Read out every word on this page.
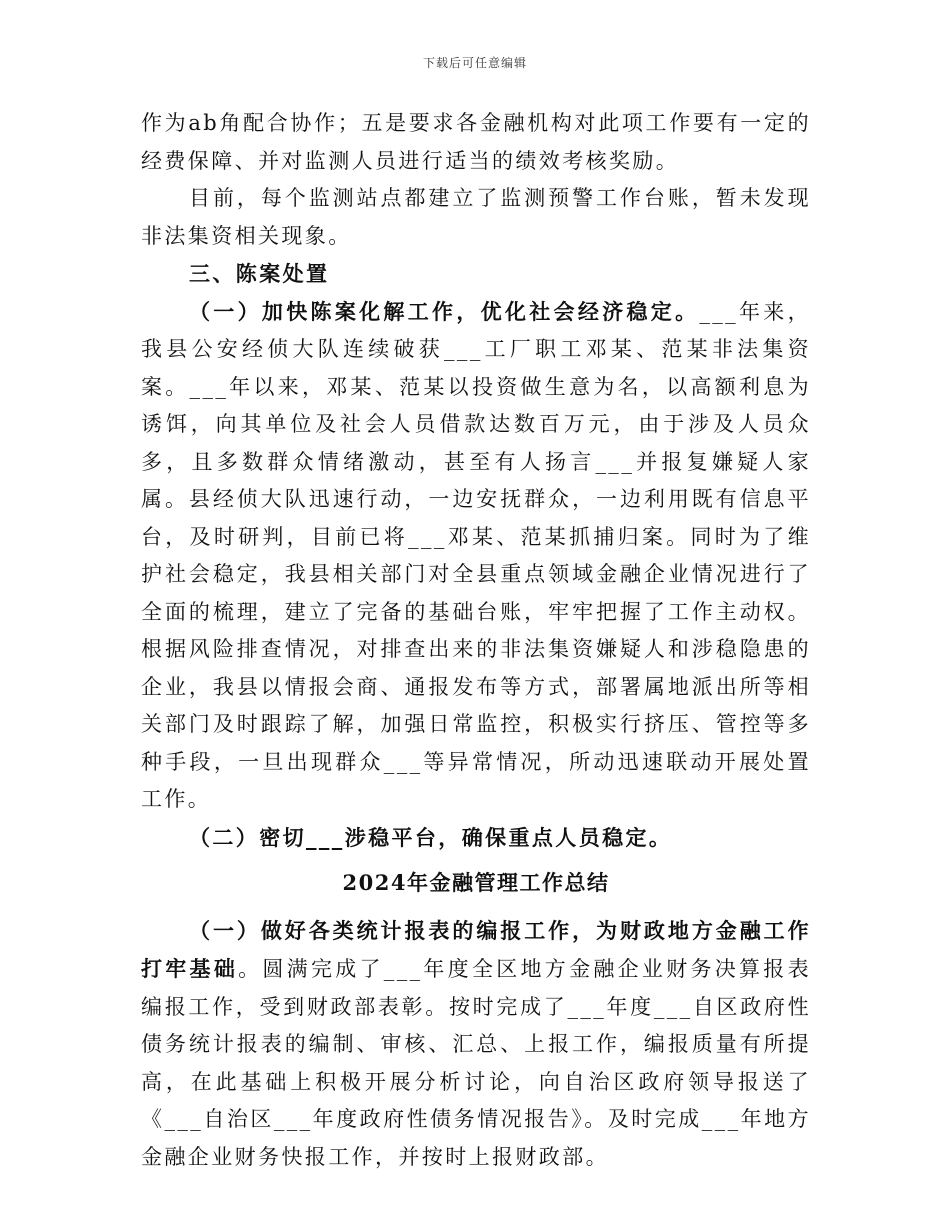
下载后可任意编辑

作为ab角配合协作；五是要求各金融机构对此项工作要有一定的经费保障、并对监测人员进行适当的绩效考核奖励。

目前，每个监测站点都建立了监测预警工作台账，暂未发现非法集资相关现象。

三、陈案处置

（一）加快陈案化解工作，优化社会经济稳定。___年来，我县公安经侦大队连续破获___工厂职工邓某、范某非法集资案。___年以来，邓某、范某以投资做生意为名，以高额利息为诱饵，向其单位及社会人员借款达数百万元，由于涉及人员众多，且多数群众情绪激动，甚至有人扬言___并报复嫌疑人家属。县经侦大队迅速行动，一边安抚群众，一边利用既有信息平台，及时研判，目前已将___邓某、范某抓捕归案。同时为了维护社会稳定，我县相关部门对全县重点领域金融企业情况进行了全面的梳理，建立了完备的基础台账，牢牢把握了工作主动权。根据风险排查情况，对排查出来的非法集资嫌疑人和涉稳隐患的企业，我县以情报会商、通报发布等方式，部署属地派出所等相关部门及时跟踪了解，加强日常监控，积极实行挤压、管控等多种手段，一旦出现群众___等异常情况，所动迅速联动开展处置工作。

（二）密切___涉稳平台，确保重点人员稳定。

2024年金融管理工作总结

（一）做好各类统计报表的编报工作，为财政地方金融工作打牢基础。圆满完成了___年度全区地方金融企业财务决算报表编报工作，受到财政部表彰。按时完成了___年度___自区政府性债务统计报表的编制、审核、汇总、上报工作，编报质量有所提高，在此基础上积极开展分析讨论，向自治区政府领导报送了《___自治区___年度政府性债务情况报告》。及时完成___年地方金融企业财务快报工作，并按时上报财政部。
